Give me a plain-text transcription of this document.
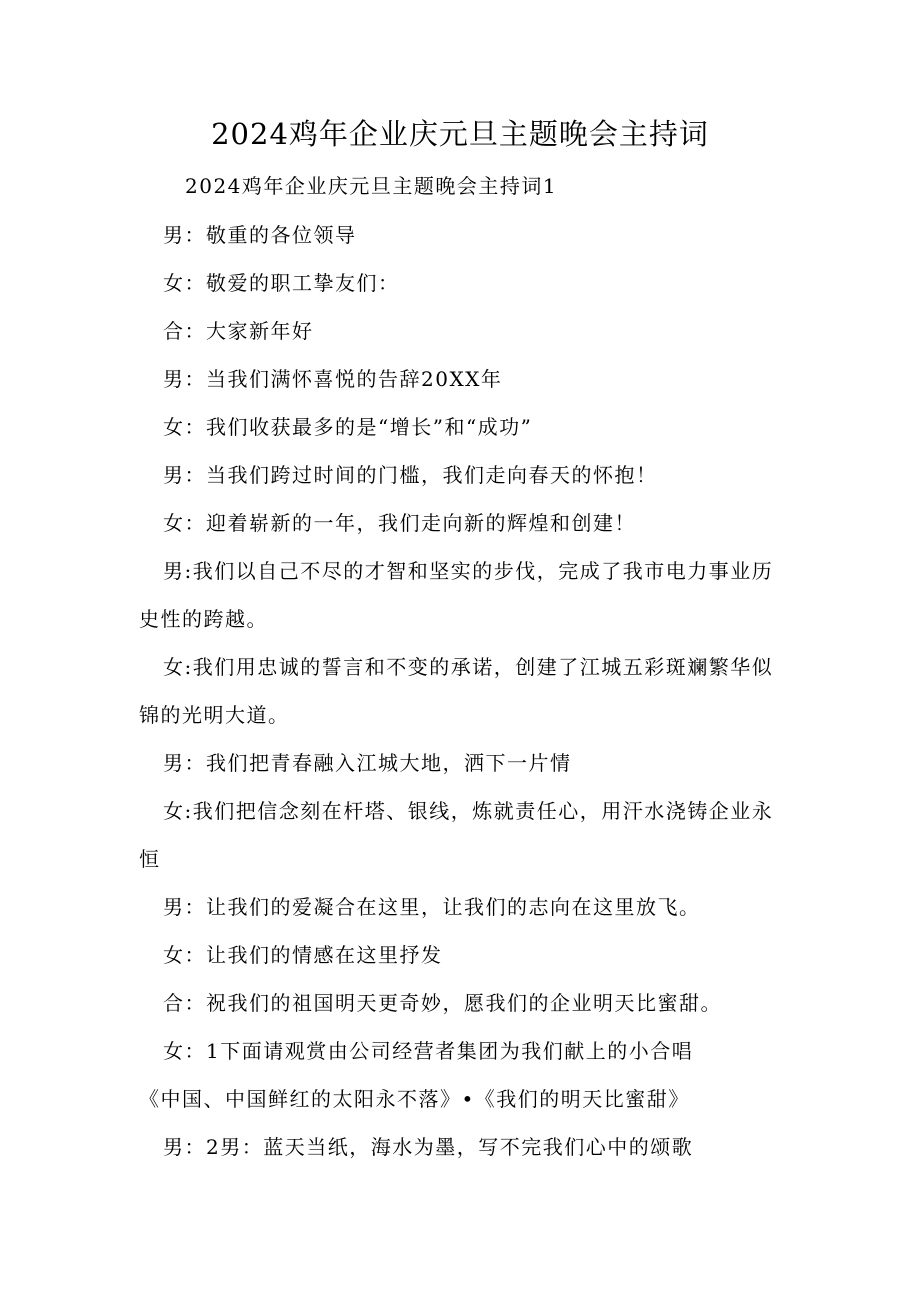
2024鸡年企业庆元旦主题晚会主持词
2024鸡年企业庆元旦主题晚会主持词1
男：敬重的各位领导
女：敬爱的职工挚友们：
合：大家新年好
男：当我们满怀喜悦的告辞20XX年
女：我们收获最多的是“增长”和“成功”
男：当我们跨过时间的门槛，我们走向春天的怀抱！
女：迎着崭新的一年，我们走向新的辉煌和创建！
男:我们以自己不尽的才智和坚实的步伐，完成了我市电力事业历
史性的跨越。
女:我们用忠诚的誓言和不变的承诺，创建了江城五彩斑斓繁华似
锦的光明大道。
男：我们把青春融入江城大地，洒下一片情
女:我们把信念刻在杆塔、银线，炼就责任心，用汗水浇铸企业永
恒
男：让我们的爱凝合在这里，让我们的志向在这里放飞。
女：让我们的情感在这里抒发
合：祝我们的祖国明天更奇妙，愿我们的企业明天比蜜甜。
女：1下面请观赏由公司经营者集团为我们献上的小合唱
《中国、中国鲜红的太阳永不落》•《我们的明天比蜜甜》
男：2男：蓝天当纸，海水为墨，写不完我们心中的颂歌
